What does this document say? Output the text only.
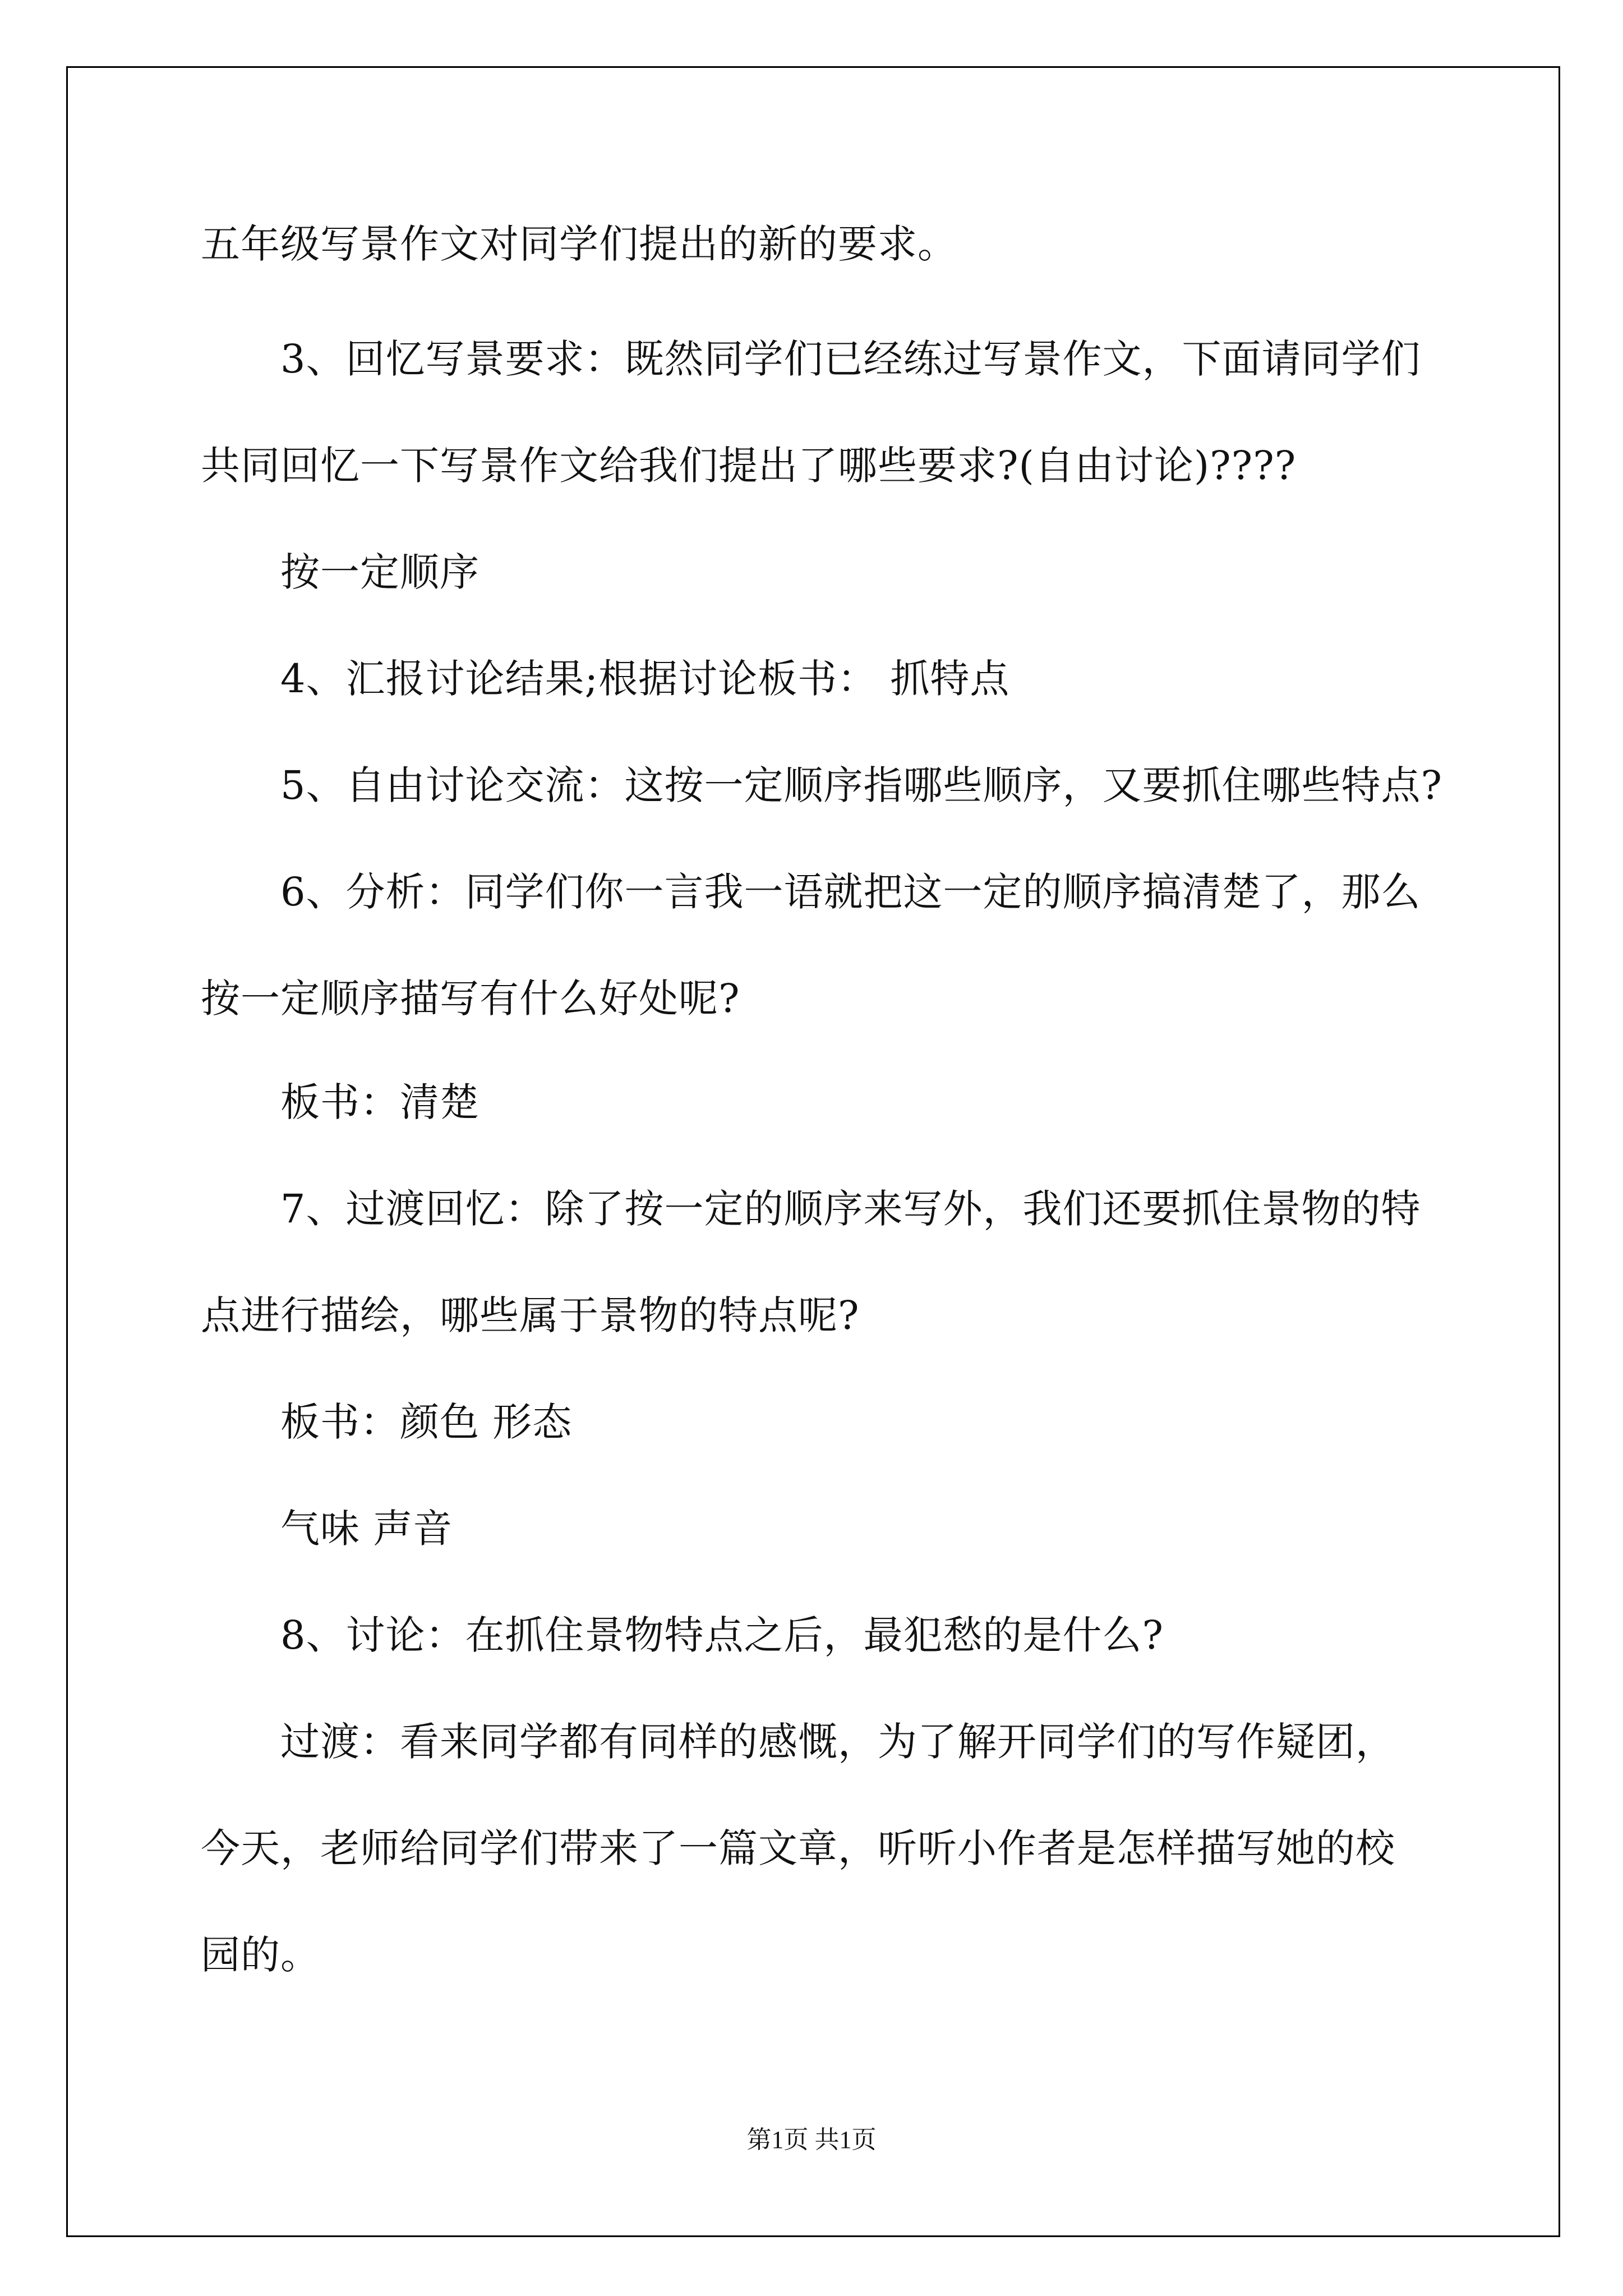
五年级写景作文对同学们提出的新的要求。
3、回忆写景要求：既然同学们已经练过写景作文，下面请同学们
共同回忆一下写景作文给我们提出了哪些要求?(自由讨论)????
按一定顺序
4、汇报讨论结果;根据讨论板书： 抓特点
5、自由讨论交流：这按一定顺序指哪些顺序，又要抓住哪些特点?
6、分析：同学们你一言我一语就把这一定的顺序搞清楚了，那么
按一定顺序描写有什么好处呢?
板书：清楚
7、过渡回忆：除了按一定的顺序来写外，我们还要抓住景物的特
点进行描绘，哪些属于景物的特点呢?
板书：颜色 形态
气味 声音
8、讨论：在抓住景物特点之后，最犯愁的是什么?
过渡：看来同学都有同样的感慨，为了解开同学们的写作疑团，
今天，老师给同学们带来了一篇文章，听听小作者是怎样描写她的校
园的。
第1页 共1页
